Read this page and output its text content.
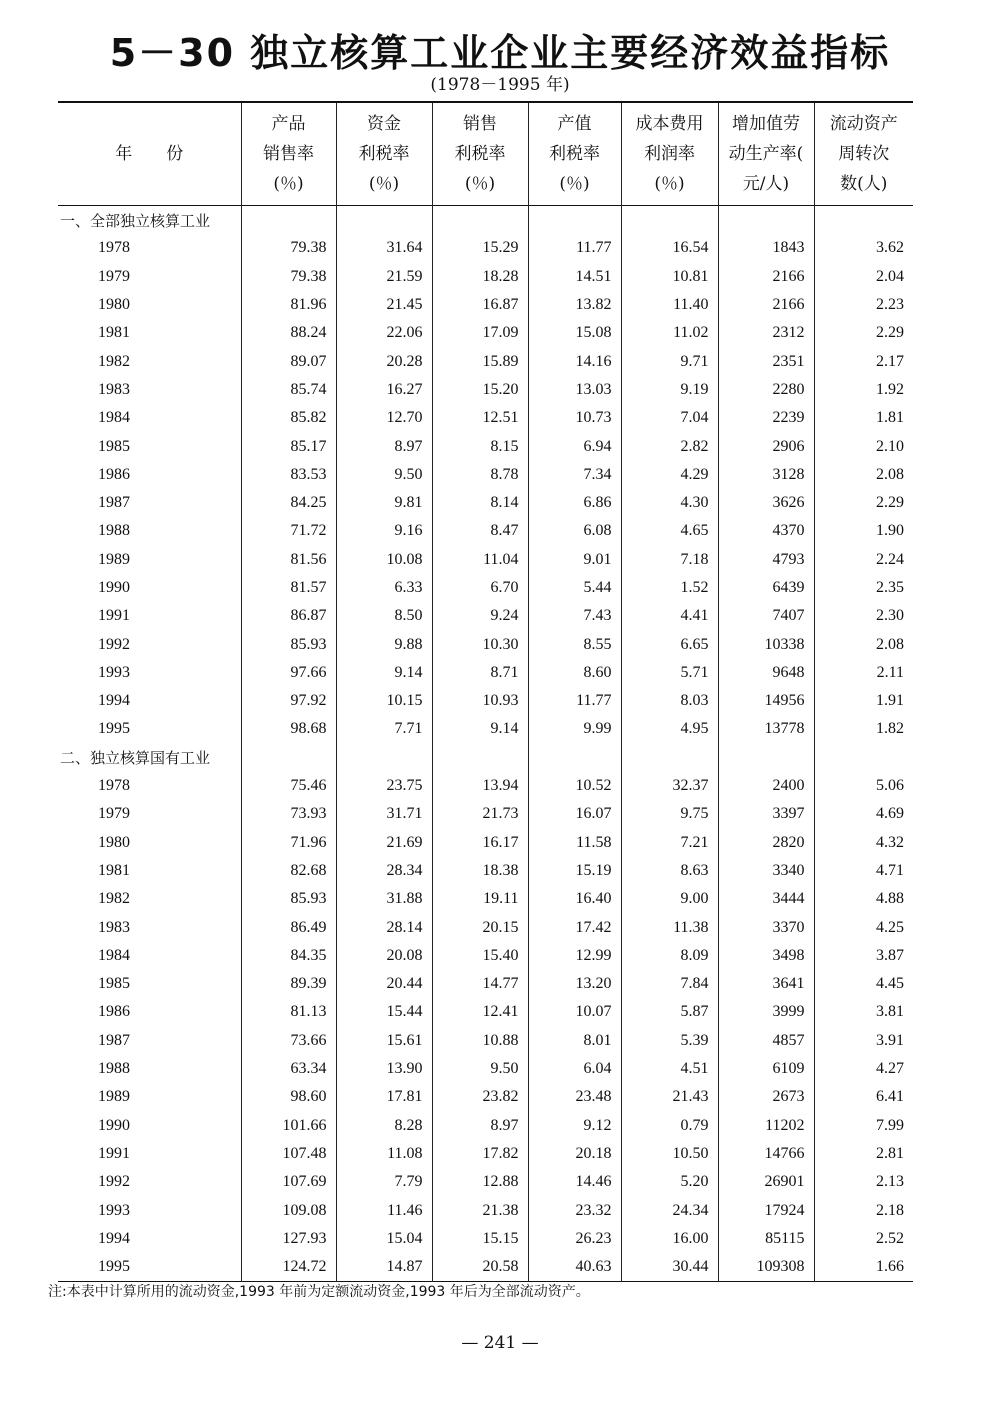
5－30 独立核算工业企业主要经济效益指标
(1978－1995 年)

年　　份	产品
销售率
(％)	资金
利税率
(％)	销售
利税率
(％)	产值
利税率
(％)	成本费用
利润率
(％)	增加值劳
动生产率(
元/人)	流动资产
周转次
数(人)

一、全部独立核算工业							
1978	79.38	31.64	15.29	11.77	16.54	1843	3.62
1979	79.38	21.59	18.28	14.51	10.81	2166	2.04
1980	81.96	21.45	16.87	13.82	11.40	2166	2.23
1981	88.24	22.06	17.09	15.08	11.02	2312	2.29
1982	89.07	20.28	15.89	14.16	9.71	2351	2.17
1983	85.74	16.27	15.20	13.03	9.19	2280	1.92
1984	85.82	12.70	12.51	10.73	7.04	2239	1.81
1985	85.17	8.97	8.15	6.94	2.82	2906	2.10
1986	83.53	9.50	8.78	7.34	4.29	3128	2.08
1987	84.25	9.81	8.14	6.86	4.30	3626	2.29
1988	71.72	9.16	8.47	6.08	4.65	4370	1.90
1989	81.56	10.08	11.04	9.01	7.18	4793	2.24
1990	81.57	6.33	6.70	5.44	1.52	6439	2.35
1991	86.87	8.50	9.24	7.43	4.41	7407	2.30
1992	85.93	9.88	10.30	8.55	6.65	10338	2.08
1993	97.66	9.14	8.71	8.60	5.71	9648	2.11
1994	97.92	10.15	10.93	11.77	8.03	14956	1.91
1995	98.68	7.71	9.14	9.99	4.95	13778	1.82
二、独立核算国有工业							
1978	75.46	23.75	13.94	10.52	32.37	2400	5.06
1979	73.93	31.71	21.73	16.07	9.75	3397	4.69
1980	71.96	21.69	16.17	11.58	7.21	2820	4.32
1981	82.68	28.34	18.38	15.19	8.63	3340	4.71
1982	85.93	31.88	19.11	16.40	9.00	3444	4.88
1983	86.49	28.14	20.15	17.42	11.38	3370	4.25
1984	84.35	20.08	15.40	12.99	8.09	3498	3.87
1985	89.39	20.44	14.77	13.20	7.84	3641	4.45
1986	81.13	15.44	12.41	10.07	5.87	3999	3.81
1987	73.66	15.61	10.88	8.01	5.39	4857	3.91
1988	63.34	13.90	9.50	6.04	4.51	6109	4.27
1989	98.60	17.81	23.82	23.48	21.43	2673	6.41
1990	101.66	8.28	8.97	9.12	0.79	11202	7.99
1991	107.48	11.08	17.82	20.18	10.50	14766	2.81
1992	107.69	7.79	12.88	14.46	5.20	26901	2.13
1993	109.08	11.46	21.38	23.32	24.34	17924	2.18
1994	127.93	15.04	15.15	26.23	16.00	85115	2.52
1995	124.72	14.87	20.58	40.63	30.44	109308	1.66
注:本表中计算所用的流动资金,1993 年前为定额流动资金,1993 年后为全部流动资产。
— 241 —
